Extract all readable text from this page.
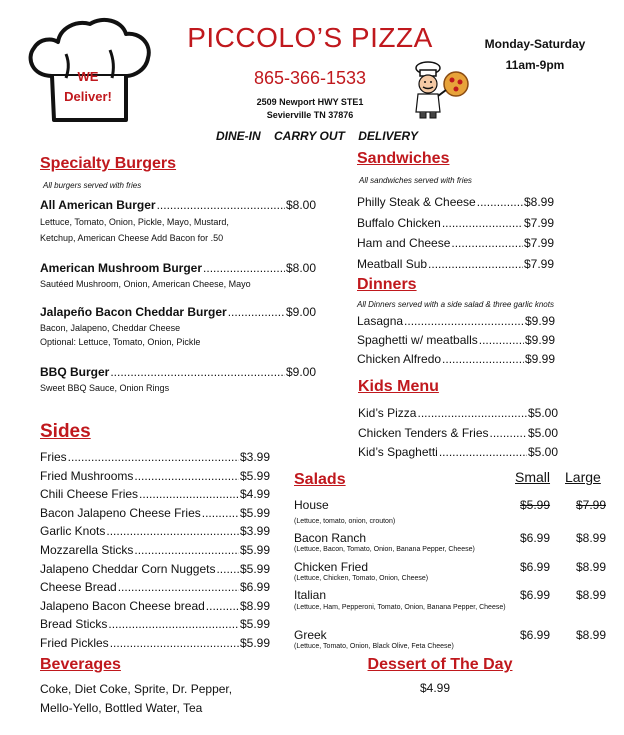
WE
Deliver!
PICCOLO’S PIZZA
865-366-1533
2509 Newport HWY STE1
Sevierville TN 37876
DINE-IN CARRY OUT DELIVERY
Monday-Saturday
11am-9pm
Specialty Burgers
All burgers served with fries
All American Burger .....	$8.00
Lettuce, Tomato, Onion, Pickle, Mayo, Mustard,
Ketchup, American Cheese Add Bacon for .50
American Mushroom Burger .....	$8.00
Sautéed Mushroom, Onion, American Cheese, Mayo
Jalapeño Bacon Cheddar Burger .....	$9.00
Bacon, Jalapeno, Cheddar Cheese
Optional: Lettuce, Tomato, Onion, Pickle
BBQ Burger .....	$9.00
Sweet BBQ Sauce, Onion Rings
Sides
Fries .....	$3.99
Fried Mushrooms .....	$5.99
Chili Cheese Fries .....	$4.99
Bacon Jalapeno Cheese Fries .....	$5.99
Garlic Knots .....	$3.99
Mozzarella Sticks .....	$5.99
Jalapeno Cheddar Corn Nuggets ..... $5.99
Cheese Bread .....	$6.99
Jalapeno Bacon Cheese bread .....	$8.99
Bread Sticks .....	$5.99
Fried Pickles .....	$5.99
Beverages
Coke, Diet Coke, Sprite, Dr. Pepper,
Mello-Yello, Bottled Water, Tea
Sandwiches
All sandwiches served with fries
Philly Steak & Cheese .....	$8.99
Buffalo Chicken .....	$7.99
Ham and Cheese .....	$7.99
Meatball Sub .....	$7.99
Dinners
All Dinners served with a side salad & three garlic knots
Lasagna .....	$9.99
Spaghetti w/ meatballs .....	$9.99
Chicken Alfredo .....	$9.99
Kids Menu
Kid’s Pizza .....	$5.00
Chicken Tenders & Fries .....	$5.00
Kid’s Spaghetti .....	$5.00
Salads	Small Large
House	$5.99	$7.99
(Lettuce, tomato, onion, crouton)
Bacon Ranch	$6.99	$8.99
(Lettuce, Bacon, Tomato, Onion, Banana Pepper, Cheese)
Chicken Fried	$6.99	$8.99
(Lettuce, Chicken, Tomato, Onion, Cheese)
Italian	$6.99	$8.99
(Lettuce, Ham, Pepperoni, Tomato, Onion, Banana Pepper, Cheese)
Greek	$6.99	$8.99
(Lettuce, Tomato, Onion, Black Olive, Feta Cheese)
Dessert of The Day
$4.99
